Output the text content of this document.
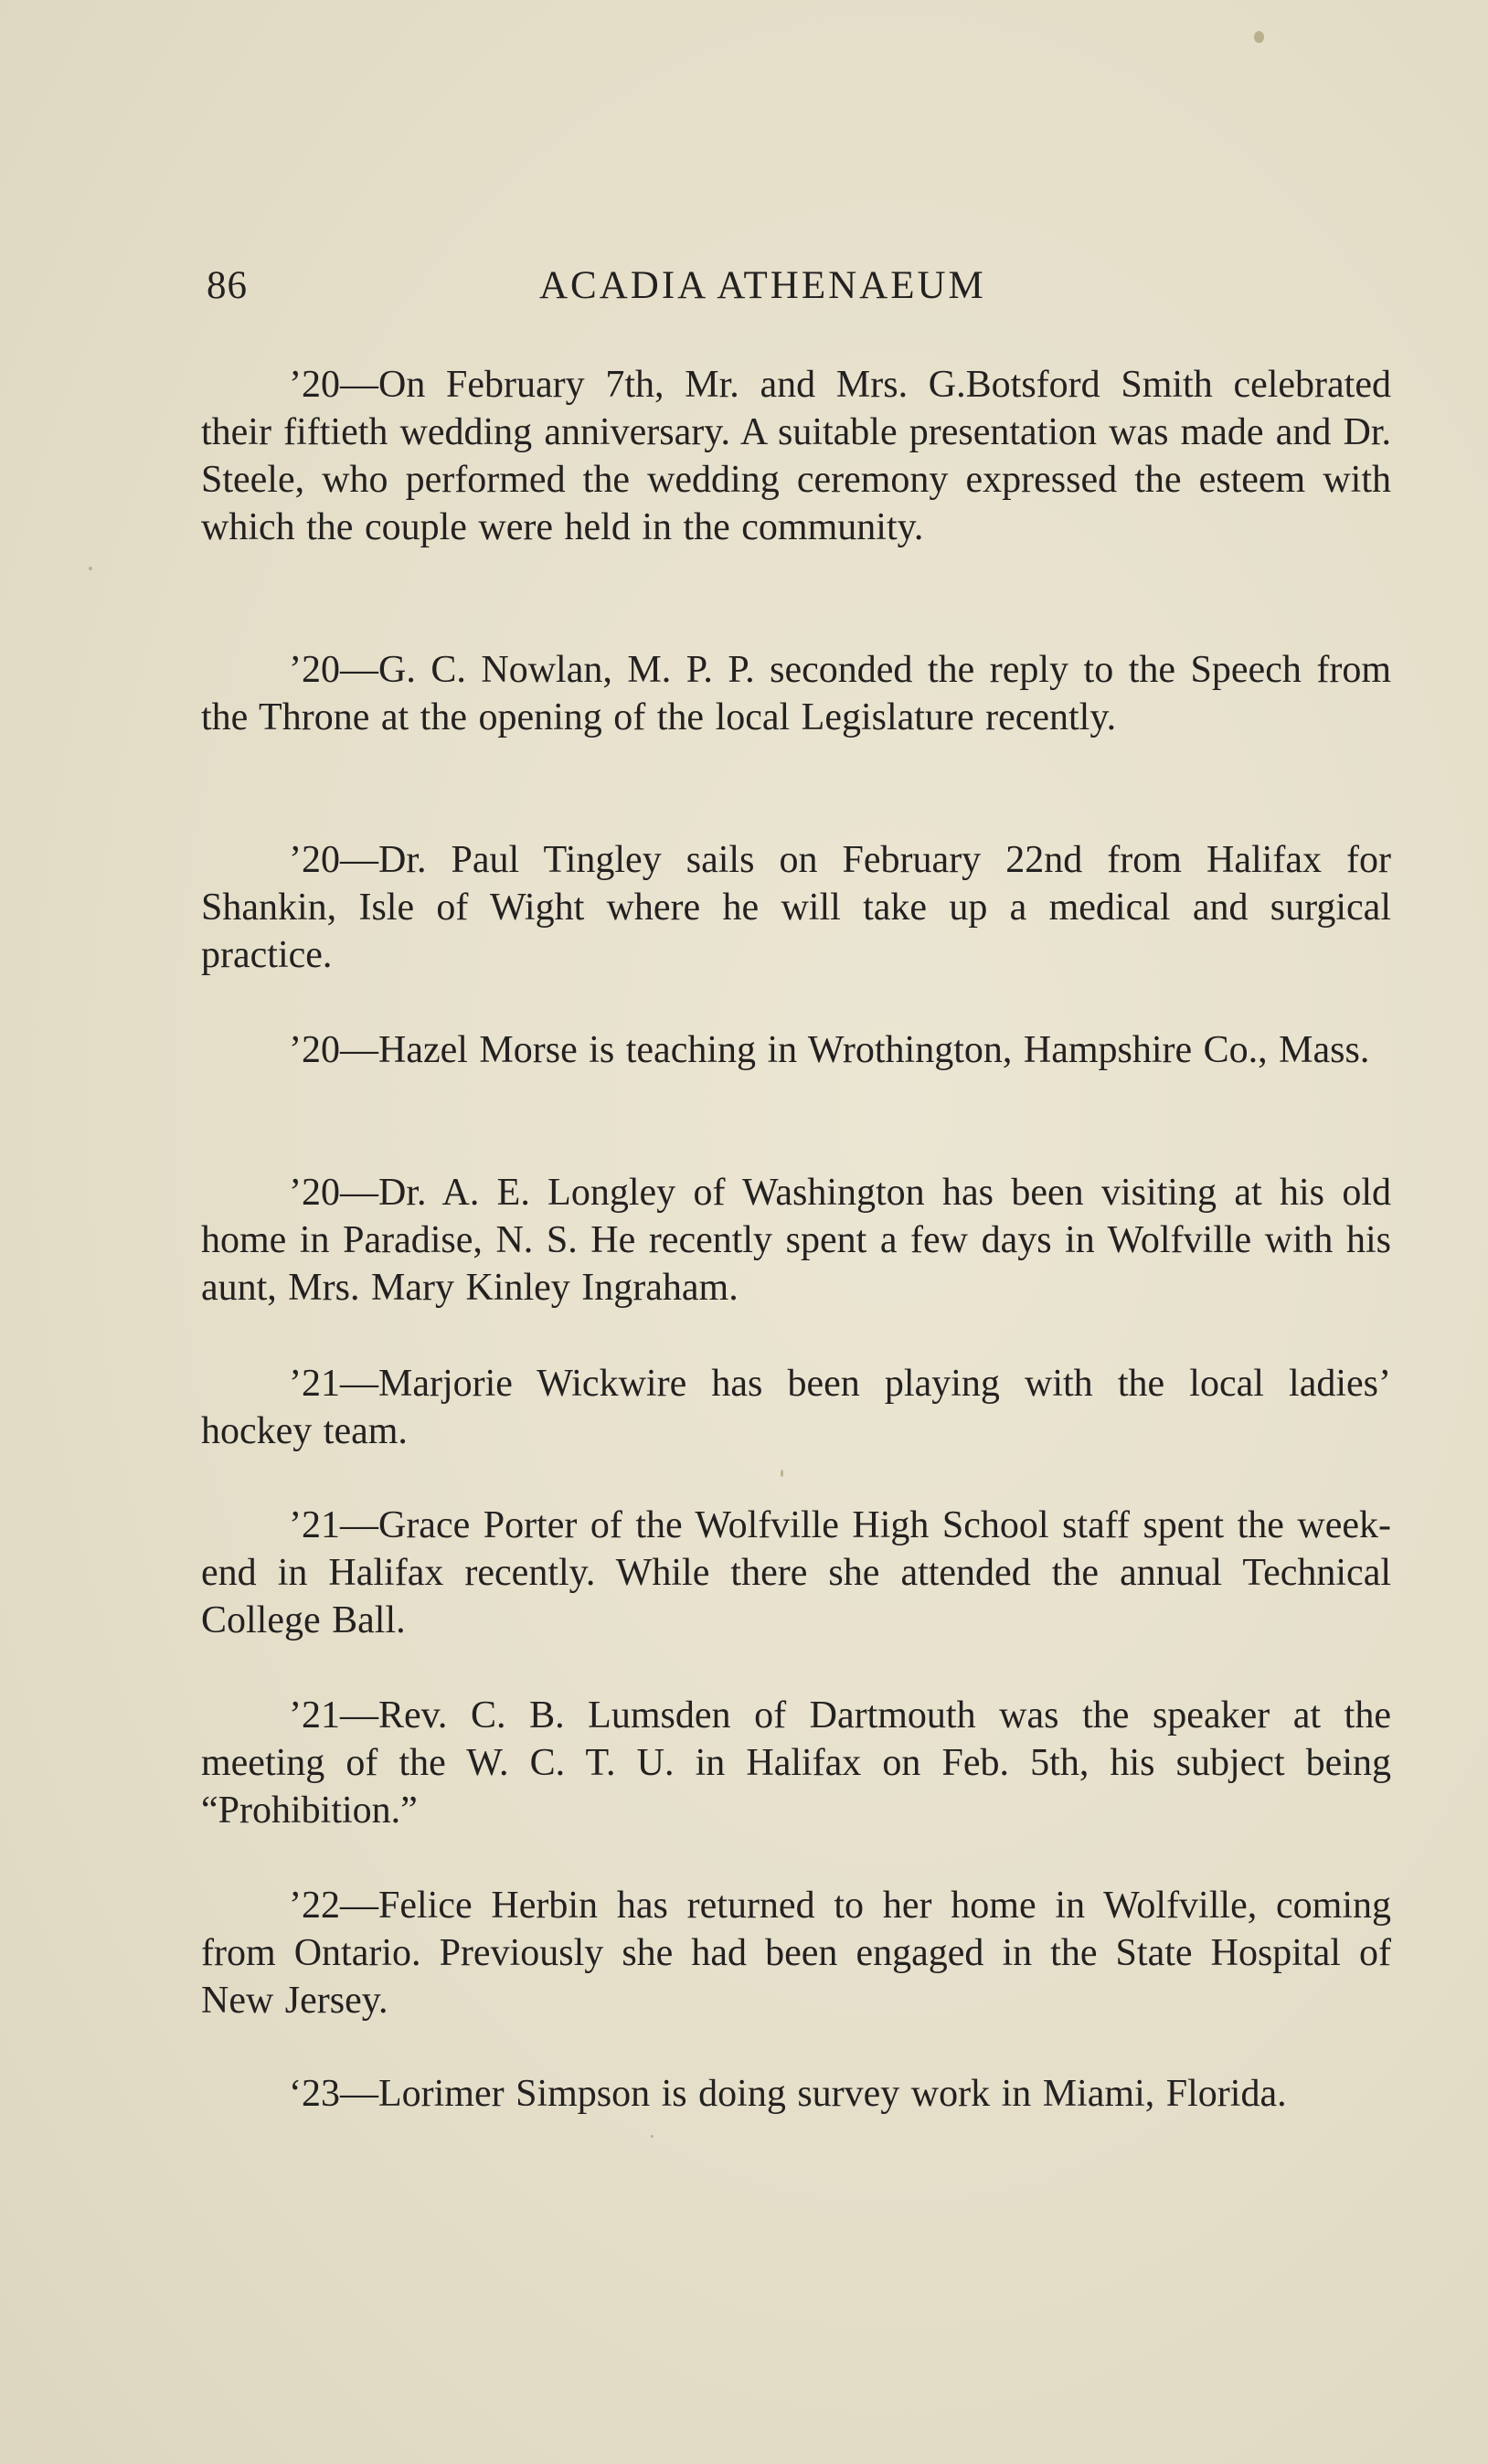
86	ACADIA ATHENAEUM

’20—On February 7th, Mr. and Mrs. G.Botsford Smith celebrated their fiftieth wedding anniversary. A suitable presentation was made and Dr. Steele, who performed the wedding ceremony expressed the esteem with which the couple were held in the community.

’20—G. C. Nowlan, M. P. P. seconded the reply to the Speech from the Throne at the opening of the local Legislature recently.

’20—Dr. Paul Tingley sails on February 22nd from Halifax for Shankin, Isle of Wight where he will take up a medical and surgical practice.

’20—Hazel Morse is teaching in Wrothington, Hampshire Co., Mass.

’20—Dr. A. E. Longley of Washington has been visiting at his old home in Paradise, N. S. He recently spent a few days in Wolfville with his aunt, Mrs. Mary Kinley Ingraham.

’21—Marjorie Wickwire has been playing with the local ladies’ hockey team.

’21—Grace Porter of the Wolfville High School staff spent the week-end in Halifax recently. While there she attended the annual Technical College Ball.

’21—Rev. C. B. Lumsden of Dartmouth was the speaker at the meeting of the W. C. T. U. in Halifax on Feb. 5th, his subject being “Prohibition.”

’22—Felice Herbin has returned to her home in Wolfville, coming from Ontario. Previously she had been engaged in the State Hospital of New Jersey.

‘23—Lorimer Simpson is doing survey work in Miami, Florida.
